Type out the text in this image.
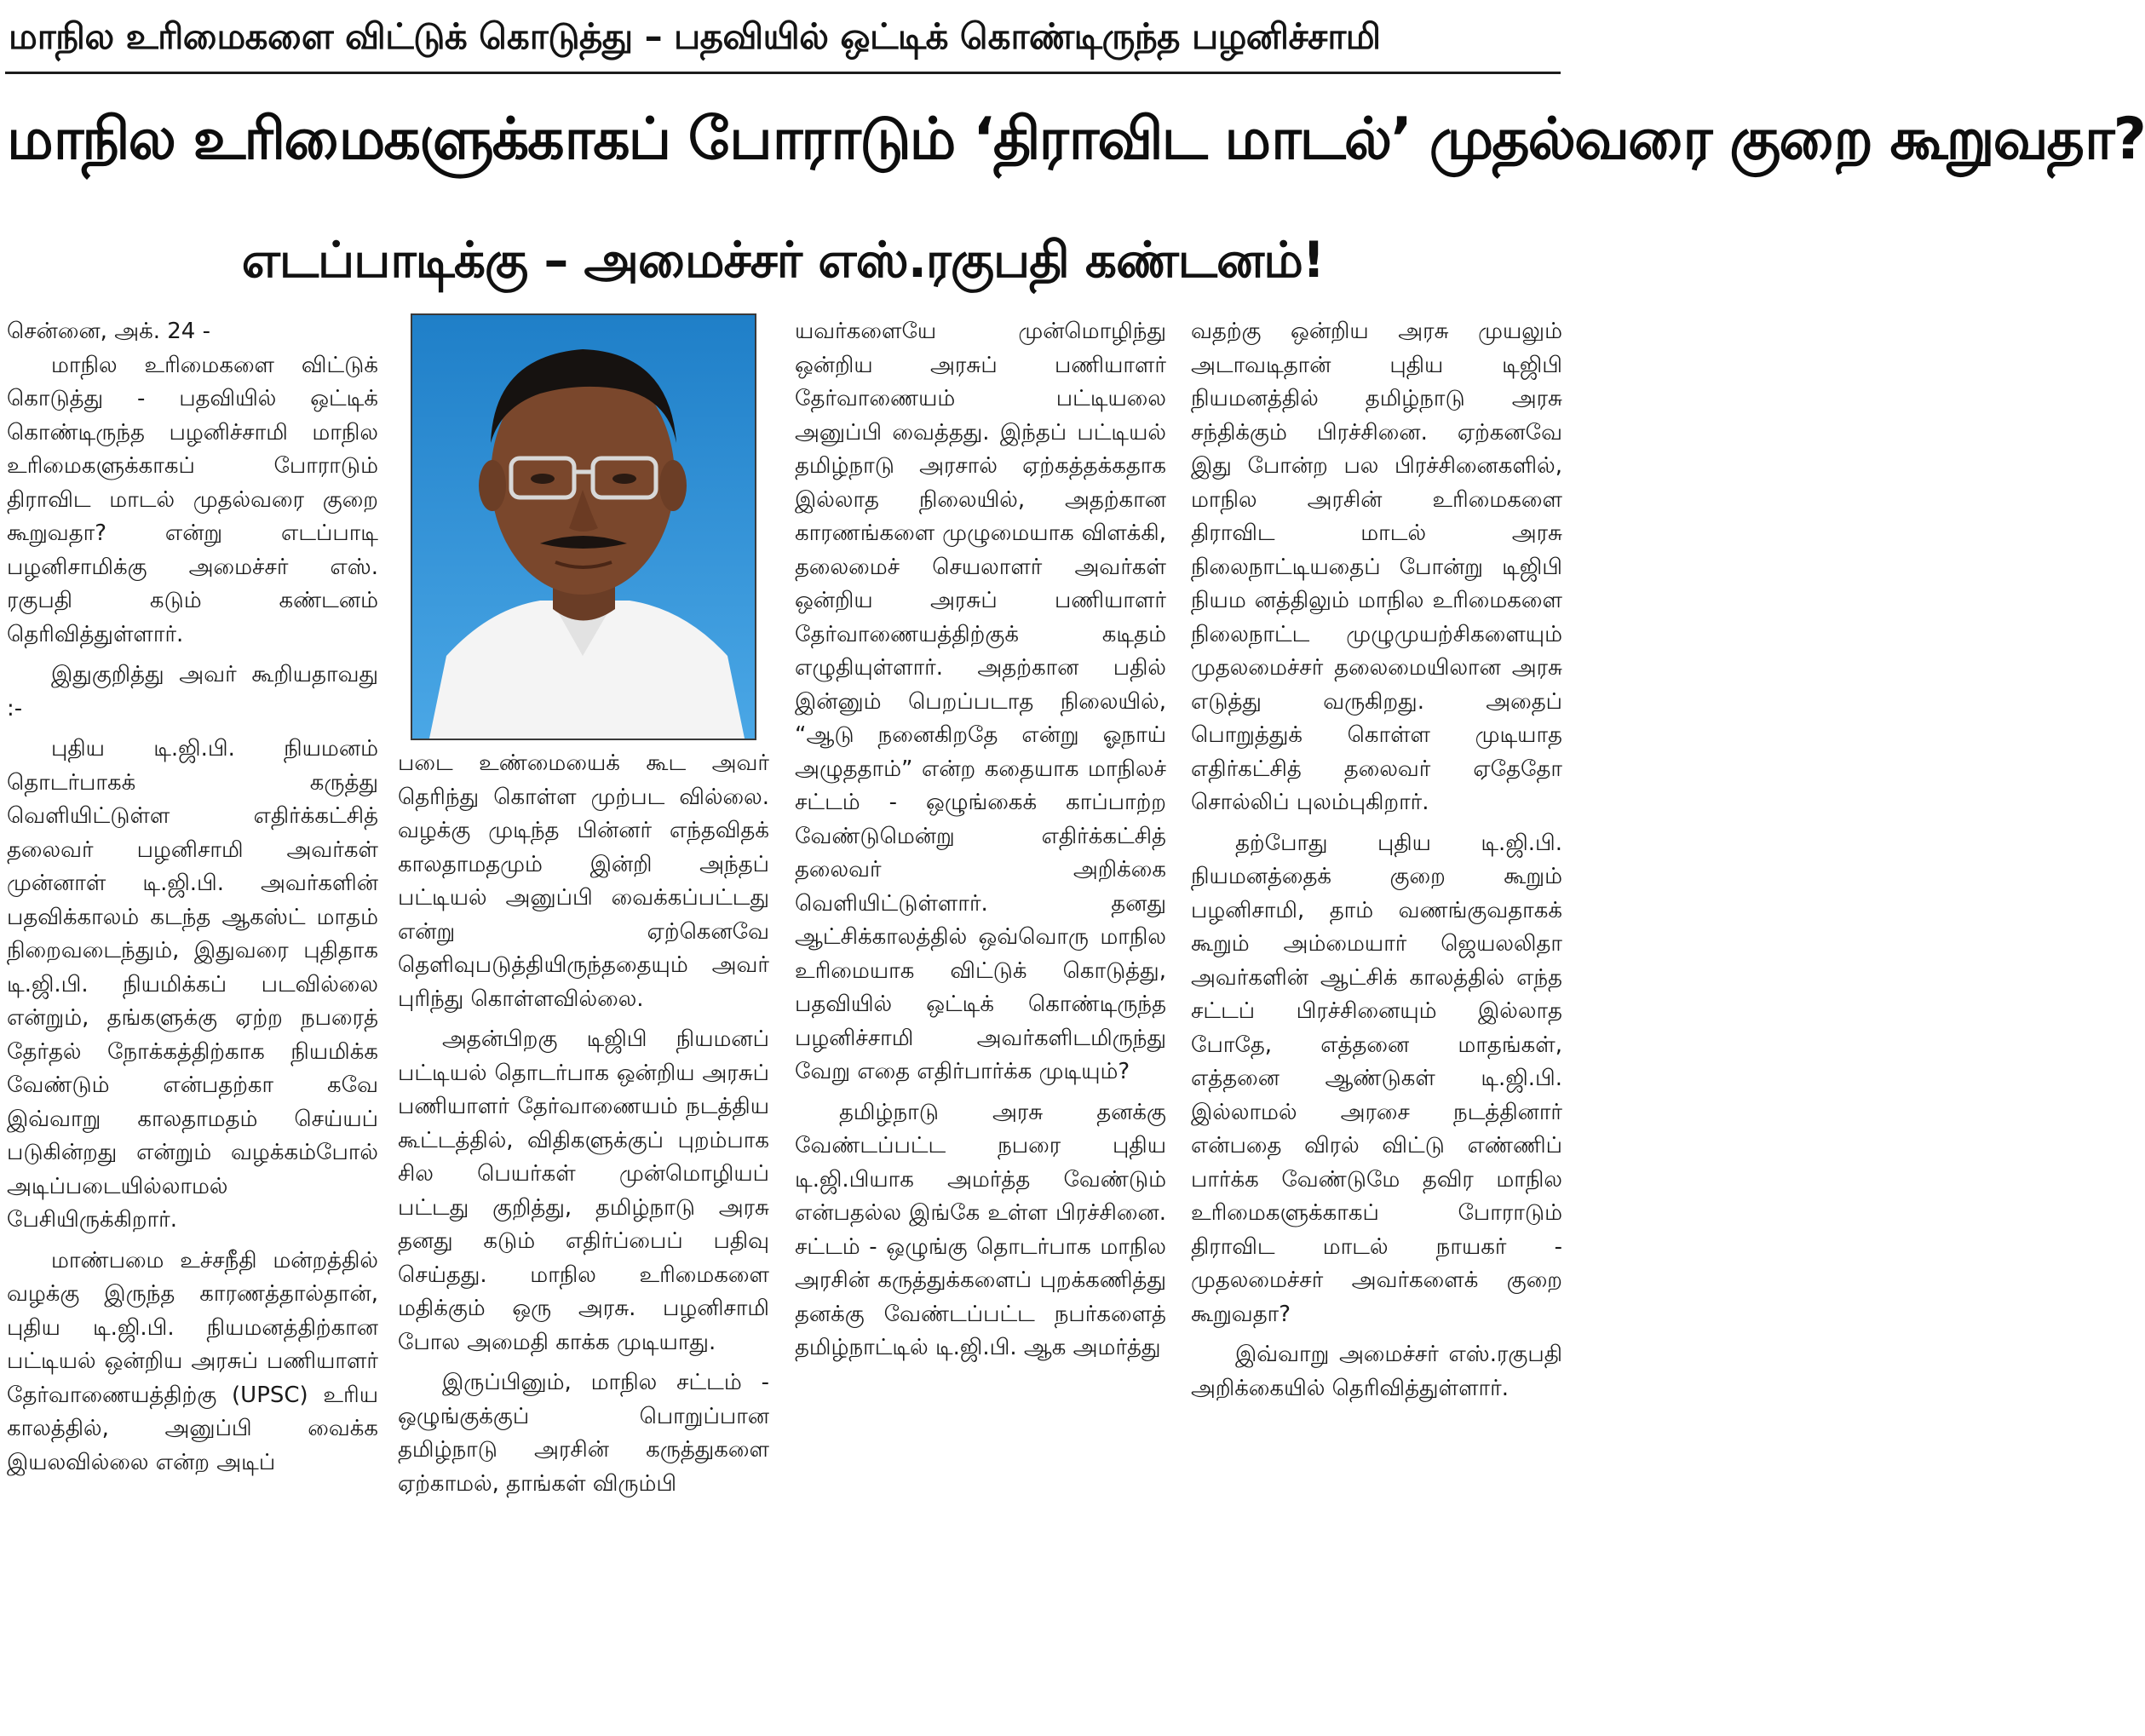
மாநில உரிமைகளை விட்டுக் கொடுத்து – பதவியில் ஒட்டிக் கொண்டிருந்த பழனிச்சாமி
மாநில உரிமைகளுக்காகப் போராடும் ‘திராவிட மாடல்’ முதல்வரை குறை கூறுவதா?
எடப்பாடிக்கு – அமைச்சர் எஸ்.ரகுபதி கண்டனம்!

சென்னை, அக். 24 -

மாநில உரிமைகளை விட்டுக் கொடுத்து - பதவியில் ஒட்டிக் கொண்டிருந்த பழனிச்சாமி மாநில உரிமைகளுக்காகப் போராடும் திராவிட மாடல் முதல்வரை குறை கூறுவதா? என்று எடப்பாடி பழனிசாமிக்கு அமைச்சர் எஸ். ரகுபதி கடும் கண்டனம் தெரிவித்துள்ளார்.

இதுகுறித்து அவர் கூறியதாவது :-

புதிய டி.ஜி.பி. நியமனம் தொடர்பாகக் கருத்து வெளியிட்டுள்ள எதிர்க்கட்சித் தலைவர் பழனிசாமி அவர்கள் முன்னாள் டி.ஜி.பி. அவர்களின் பதவிக்காலம் கடந்த ஆகஸ்ட் மாதம் நிறைவடைந்தும், இதுவரை புதிதாக டி.ஜி.பி. நியமிக்கப் படவில்லை என்றும், தங்களுக்கு ஏற்ற நபரைத் தேர்தல் நோக்கத்திற்காக நியமிக்க வேண்டும் என்பதற்கா கவே இவ்வாறு காலதாமதம் செய்யப் படுகின்றது என்றும் வழக்கம்போல் அடிப்படையில்லாமல் பேசியிருக்கிறார்.

மாண்பமை உச்சநீதி மன்றத்தில் வழக்கு இருந்த காரணத்தால்தான், புதிய டி.ஜி.பி. நியமனத்திற்கான பட்டியல் ஒன்றிய அரசுப் பணியாளர் தேர்வாணையத்திற்கு (UPSC) உரிய காலத்தில், அனுப்பி வைக்க இயலவில்லை என்ற அடிப்

படை உண்மையைக் கூட அவர் தெரிந்து கொள்ள முற்பட வில்லை. வழக்கு முடிந்த பின்னர் எந்தவிதக் காலதாமதமும் இன்றி அந்தப் பட்டியல் அனுப்பி வைக்கப்பட்டது என்று ஏற்கெனவே தெளிவுபடுத்தியிருந்ததையும் அவர் புரிந்து கொள்ளவில்லை.

அதன்பிறகு டிஜிபி நியமனப் பட்டியல் தொடர்பாக ஒன்றிய அரசுப் பணியாளர் தேர்வாணையம் நடத்திய கூட்டத்தில், விதிகளுக்குப் புறம்பாக சில பெயர்கள் முன்மொழியப் பட்டது குறித்து, தமிழ்நாடு அரசு தனது கடும் எதிர்ப்பைப் பதிவு செய்தது. மாநில உரிமைகளை மதிக்கும் ஒரு அரசு. பழனிசாமி போல அமைதி காக்க முடியாது.

இருப்பினும், மாநில சட்டம் - ஒழுங்குக்குப் பொறுப்பான தமிழ்நாடு அரசின் கருத்துகளை ஏற்காமல், தாங்கள் விரும்பி

யவர்களையே முன்மொழிந்து ஒன்றிய அரசுப் பணியாளர் தேர்வாணையம் பட்டியலை அனுப்பி வைத்தது. இந்தப் பட்டியல் தமிழ்நாடு அரசால் ஏற்கத்தக்கதாக இல்லாத நிலையில், அதற்கான காரணங்களை முழுமையாக விளக்கி, தலைமைச் செயலாளர் அவர்கள் ஒன்றிய அரசுப் பணியாளர் தேர்வாணையத்திற்குக் கடிதம் எழுதியுள்ளார். அதற்கான பதில் இன்னும் பெறப்படாத நிலையில், “ஆடு நனைகிறதே என்று ஓநாய் அழுததாம்” என்ற கதையாக மாநிலச் சட்டம் - ஒழுங்கைக் காப்பாற்ற வேண்டுமென்று எதிர்க்கட்சித் தலைவர் அறிக்கை வெளியிட்டுள்ளார். தனது ஆட்சிக்காலத்தில் ஒவ்வொரு மாநில உரிமையாக விட்டுக் கொடுத்து, பதவியில் ஒட்டிக் கொண்டிருந்த பழனிச்சாமி அவர்களிடமிருந்து வேறு எதை எதிர்பார்க்க முடியும்?

தமிழ்நாடு அரசு தனக்கு வேண்டப்பட்ட நபரை புதிய டி.ஜி.பியாக அமர்த்த வேண்டும் என்பதல்ல இங்கே உள்ள பிரச்சினை. சட்டம் - ஒழுங்கு தொடர்பாக மாநில அரசின் கருத்துக்களைப் புறக்கணித்து தனக்கு வேண்டப்பட்ட நபர்களைத் தமிழ்நாட்டில் டி.ஜி.பி. ஆக அமர்த்து

வதற்கு ஒன்றிய அரசு முயலும் அடாவடிதான் புதிய டிஜிபி நியமனத்தில் தமிழ்நாடு அரசு சந்திக்கும் பிரச்சினை. ஏற்கனவே இது போன்ற பல பிரச்சினைகளில், மாநில அரசின் உரிமைகளை திராவிட மாடல் அரசு நிலைநாட்டியதைப் போன்று டிஜிபி நியம னத்திலும் மாநில உரிமைகளை நிலைநாட்ட முழுமுயற்சிகளையும் முதலமைச்சர் தலைமையிலான அரசு எடுத்து வருகிறது. அதைப் பொறுத்துக் கொள்ள முடியாத எதிர்கட்சித் தலைவர் ஏதேதோ சொல்லிப் புலம்புகிறார்.

தற்போது புதிய டி.ஜி.பி. நியமனத்தைக் குறை கூறும் பழனிசாமி, தாம் வணங்குவதாகக் கூறும் அம்மையார் ஜெயலலிதா அவர்களின் ஆட்சிக் காலத்தில் எந்த சட்டப் பிரச்சினையும் இல்லாத போதே, எத்தனை மாதங்கள், எத்தனை ஆண்டுகள் டி.ஜி.பி. இல்லாமல் அரசை நடத்தினார் என்பதை விரல் விட்டு எண்ணிப் பார்க்க வேண்டுமே தவிர மாநில உரிமைகளுக்காகப் போராடும் திராவிட மாடல் நாயகர் - முதலமைச்சர் அவர்களைக் குறை கூறுவதா?

இவ்வாறு அமைச்சர் எஸ்.ரகுபதி அறிக்கையில் தெரிவித்துள்ளார்.
